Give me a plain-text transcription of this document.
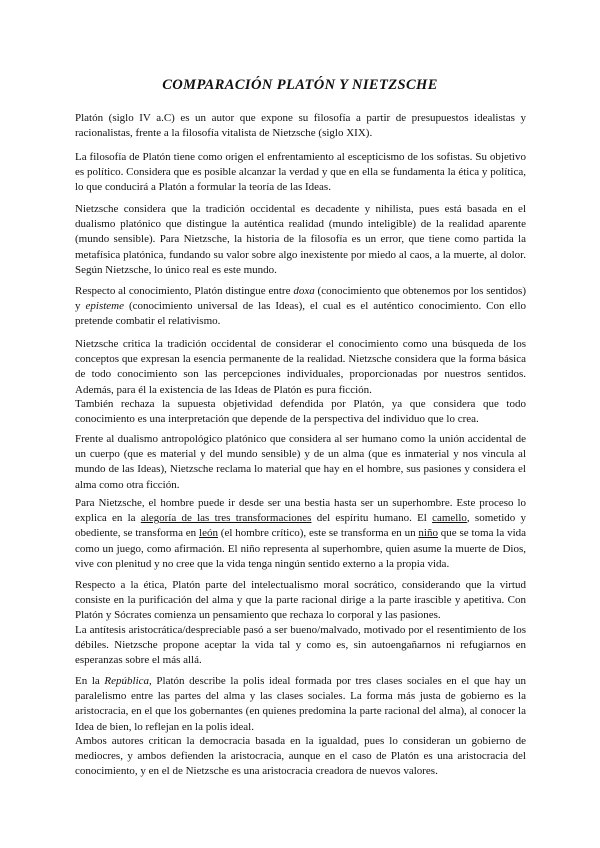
COMPARACIÓN PLATÓN Y NIETZSCHE

Platón (siglo IV a.C) es un autor que expone su filosofía a partir de presupuestos idealistas y racionalistas, frente a la filosofía vitalista de Nietzsche (siglo XIX).

La filosofía de Platón tiene como origen el enfrentamiento al escepticismo de los sofistas. Su objetivo es político. Considera que es posible alcanzar la verdad y que en ella se fundamenta la ética y política, lo que conducirá a Platón a formular la teoría de las Ideas.

Nietzsche considera que la tradición occidental es decadente y nihilista, pues está basada en el dualismo platónico que distingue la auténtica realidad (mundo inteligible) de la realidad aparente (mundo sensible). Para Nietzsche, la historia de la filosofía es un error, que tiene como partida la metafísica platónica, fundando su valor sobre algo inexistente por miedo al caos, a la muerte, al dolor. Según Nietzsche, lo único real es este mundo.

Respecto al conocimiento, Platón distingue entre doxa (conocimiento que obtenemos por los sentidos) y episteme (conocimiento universal de las Ideas), el cual es el auténtico conocimiento. Con ello pretende combatir el relativismo.

Nietzsche critica la tradición occidental de considerar el conocimiento como una búsqueda de los conceptos que expresan la esencia permanente de la realidad. Nietzsche considera que la forma básica de todo conocimiento son las percepciones individuales, proporcionadas por nuestros sentidos. Además, para él la existencia de las Ideas de Platón es pura ficción.

También rechaza la supuesta objetividad defendida por Platón, ya que considera que todo conocimiento es una interpretación que depende de la perspectiva del individuo que lo crea.

Frente al dualismo antropológico platónico que considera al ser humano como la unión accidental de un cuerpo (que es material y del mundo sensible) y de un alma (que es inmaterial y nos vincula al mundo de las Ideas), Nietzsche reclama lo material que hay en el hombre, sus pasiones y considera el alma como otra ficción.

Para Nietzsche, el hombre puede ir desde ser una bestia hasta ser un superhombre. Este proceso lo explica en la alegoría de las tres transformaciones del espíritu humano. El camello, sometido y obediente, se transforma en león (el hombre crítico), este se transforma en un niño que se toma la vida como un juego, como afirmación. El niño representa al superhombre, quien asume la muerte de Dios, vive con plenitud y no cree que la vida tenga ningún sentido externo a la propia vida.

Respecto a la ética, Platón parte del intelectualismo moral socrático, considerando que la virtud consiste en la purificación del alma y que la parte racional dirige a la parte irascible y apetitiva. Con Platón y Sócrates comienza un pensamiento que rechaza lo corporal y las pasiones.

La antítesis aristocrática/despreciable pasó a ser bueno/malvado, motivado por el resentimiento de los débiles. Nietzsche propone aceptar la vida tal y como es, sin autoengañarnos ni refugiarnos en esperanzas sobre el más allá.

En la República, Platón describe la polis ideal formada por tres clases sociales en el que hay un paralelismo entre las partes del alma y las clases sociales. La forma más justa de gobierno es la aristocracia, en el que los gobernantes (en quienes predomina la parte racional del alma), al conocer la Idea de bien, lo reflejan en la polis ideal.

Ambos autores critican la democracia basada en la igualdad, pues lo consideran un gobierno de mediocres, y ambos defienden la aristocracia, aunque en el caso de Platón es una aristocracia del conocimiento, y en el de Nietzsche es una aristocracia creadora de nuevos valores.
